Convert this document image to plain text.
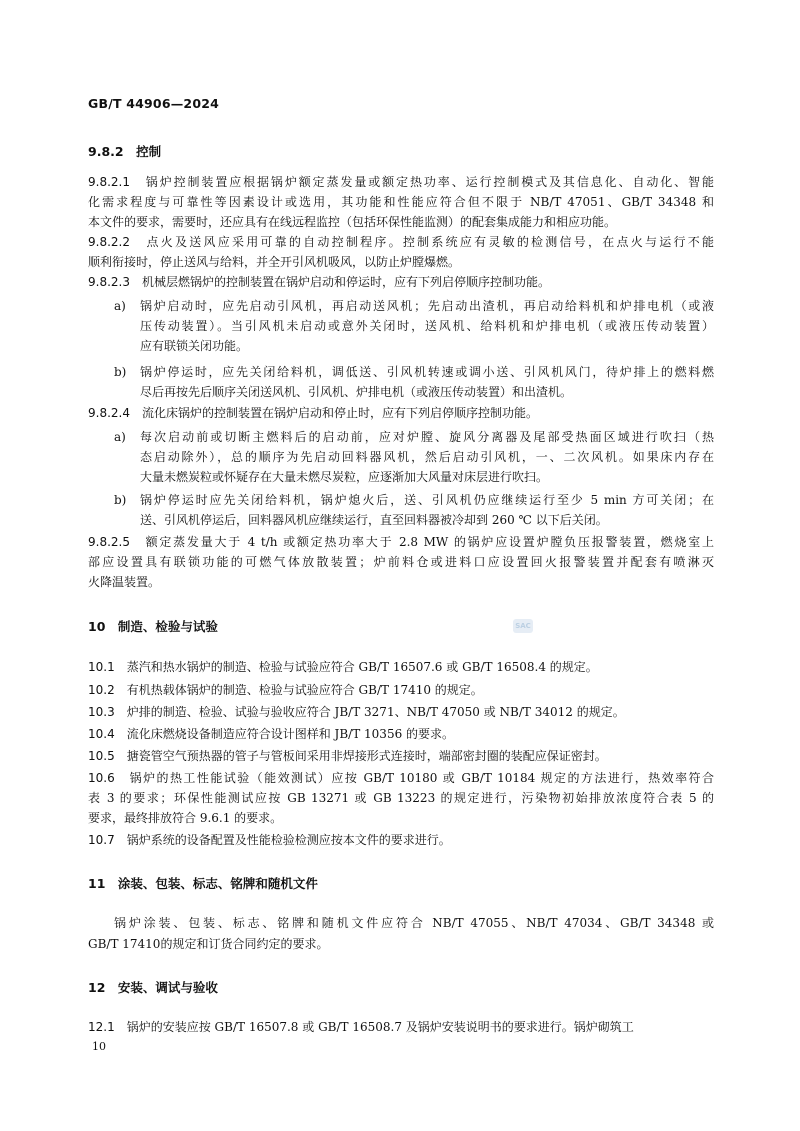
GB/T 44906—2024
9.8.2　控制
9.8.2.1　 锅炉控制装置应根据锅炉额定蒸发量或额定热功率、运行控制模式及其信息化、自动化、智能
化需求程度与可靠性等因素设计或选用，其功能和性能应符合但不限于 NB/T 47051、GB/T 34348 和
本文件的要求，需要时，还应具有在线远程监控（包括环保性能监测）的配套集成能力和相应功能。
9.8.2.2　 点火及送风应采用可靠的自动控制程序。控制系统应有灵敏的检测信号，在点火与运行不能
顺利衔接时，停止送风与给料，并全开引风机吸风，以防止炉膛爆燃。
9.8.2.3　 机械层燃锅炉的控制装置在锅炉启动和停运时，应有下列启停顺序控制功能。
a) 锅炉启动时，应先启动引风机，再启动送风机；先启动出渣机，再启动给料机和炉排电机（或液
压传动装置）。当引风机未启动或意外关闭时，送风机、给料机和炉排电机（或液压传动装置）
应有联锁关闭功能。
b) 锅炉停运时，应先关闭给料机，调低送、引风机转速或调小送、引风机风门，待炉排上的燃料燃
尽后再按先后顺序关闭送风机、引风机、炉排电机（或液压传动装置）和出渣机。
9.8.2.4　 流化床锅炉的控制装置在锅炉启动和停止时，应有下列启停顺序控制功能。
a) 每次启动前或切断主燃料后的启动前，应对炉膛、旋风分离器及尾部受热面区域进行吹扫（热
态启动除外），总的顺序为先启动回料器风机，然后启动引风机，一、二次风机。如果床内存在
大量未燃炭粒或怀疑存在大量未燃尽炭粒，应逐渐加大风量对床层进行吹扫。
b) 锅炉停运时应先关闭给料机，锅炉熄火后，送、引风机仍应继续运行至少 5 min 方可关闭；在
送、引风机停运后，回料器风机应继续运行，直至回料器被冷却到 260 ℃ 以下后关闭。
9.8.2.5　 额定蒸发量大于 4 t/h 或额定热功率大于 2.8 MW 的锅炉应设置炉膛负压报警装置，燃烧室上
部应设置具有联锁功能的可燃气体放散装置；炉前料仓或进料口应设置回火报警装置并配套有喷淋灭
火降温装置。
10　制造、检验与试验	SAC
10.1　 蒸汽和热水锅炉的制造、检验与试验应符合 GB/T 16507.6 或 GB/T 16508.4 的规定。
10.2　 有机热载体锅炉的制造、检验与试验应符合 GB/T 17410 的规定。
10.3　 炉排的制造、检验、试验与验收应符合 JB/T 3271、NB/T 47050 或 NB/T 34012 的规定。
10.4　 流化床燃烧设备制造应符合设计图样和 JB/T 10356 的要求。
10.5　 搪瓷管空气预热器的管子与管板间采用非焊接形式连接时，端部密封圈的装配应保证密封。
10.6　 锅炉的热工性能试验（能效测试）应按 GB/T 10180 或 GB/T 10184 规定的方法进行，热效率符合
表 3 的要求；环保性能测试应按 GB 13271 或 GB 13223 的规定进行，污染物初始排放浓度符合表 5 的
要求，最终排放符合 9.6.1 的要求。
10.7　 锅炉系统的设备配置及性能检验检测应按本文件的要求进行。
11　涂装、包装、标志、铭牌和随机文件
锅炉涂装、包装、标志、铭牌和随机文件应符合 NB/T 47055、NB/T 47034、GB/T 34348 或
GB/T 17410的规定和订货合同约定的要求。
12　安装、调试与验收
12.1　 锅炉的安装应按 GB/T 16507.8 或 GB/T 16508.7 及锅炉安装说明书的要求进行。锅炉砌筑工
10
